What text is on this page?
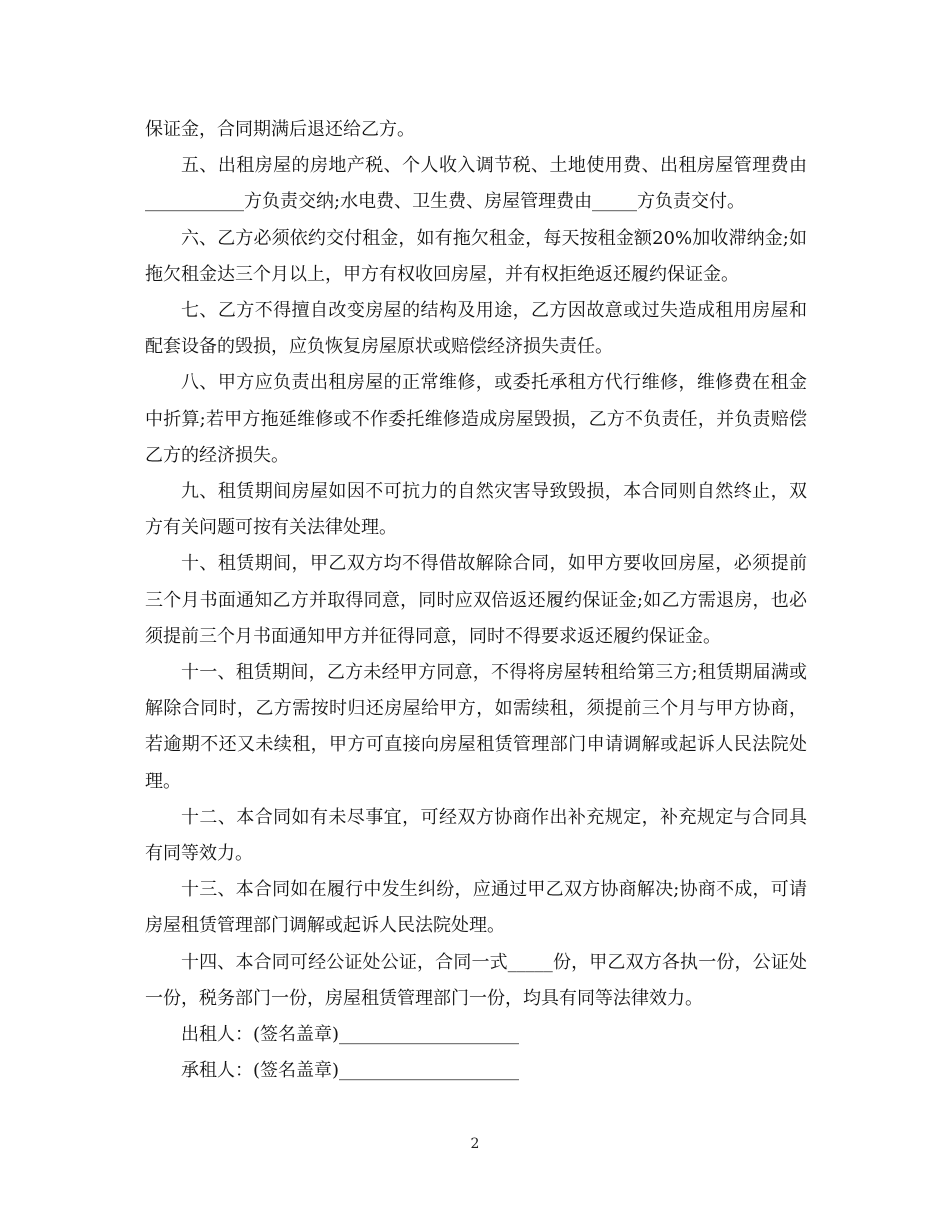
保证金，合同期满后退还给乙方。

五、出租房屋的房地产税、个人收入调节税、土地使用费、出租房屋管理费由___________方负责交纳;水电费、卫生费、房屋管理费由_____方负责交付。

六、乙方必须依约交付租金，如有拖欠租金，每天按租金额20%加收滞纳金;如拖欠租金达三个月以上，甲方有权收回房屋，并有权拒绝返还履约保证金。

七、乙方不得擅自改变房屋的结构及用途，乙方因故意或过失造成租用房屋和配套设备的毁损，应负恢复房屋原状或赔偿经济损失责任。

八、甲方应负责出租房屋的正常维修，或委托承租方代行维修，维修费在租金中折算;若甲方拖延维修或不作委托维修造成房屋毁损，乙方不负责任，并负责赔偿乙方的经济损失。

九、租赁期间房屋如因不可抗力的自然灾害导致毁损，本合同则自然终止，双方有关问题可按有关法律处理。

十、租赁期间，甲乙双方均不得借故解除合同，如甲方要收回房屋，必须提前三个月书面通知乙方并取得同意，同时应双倍返还履约保证金;如乙方需退房，也必须提前三个月书面通知甲方并征得同意，同时不得要求返还履约保证金。

十一、租赁期间，乙方未经甲方同意，不得将房屋转租给第三方;租赁期届满或解除合同时，乙方需按时归还房屋给甲方，如需续租，须提前三个月与甲方协商，若逾期不还又未续租，甲方可直接向房屋租赁管理部门申请调解或起诉人民法院处理。

十二、本合同如有未尽事宜，可经双方协商作出补充规定，补充规定与合同具有同等效力。

十三、本合同如在履行中发生纠纷，应通过甲乙双方协商解决;协商不成，可请房屋租赁管理部门调解或起诉人民法院处理。

十四、本合同可经公证处公证，合同一式_____份，甲乙双方各执一份，公证处一份，税务部门一份，房屋租赁管理部门一份，均具有同等法律效力。

出租人：(签名盖章)____________________

承租人：(签名盖章)____________________

2
